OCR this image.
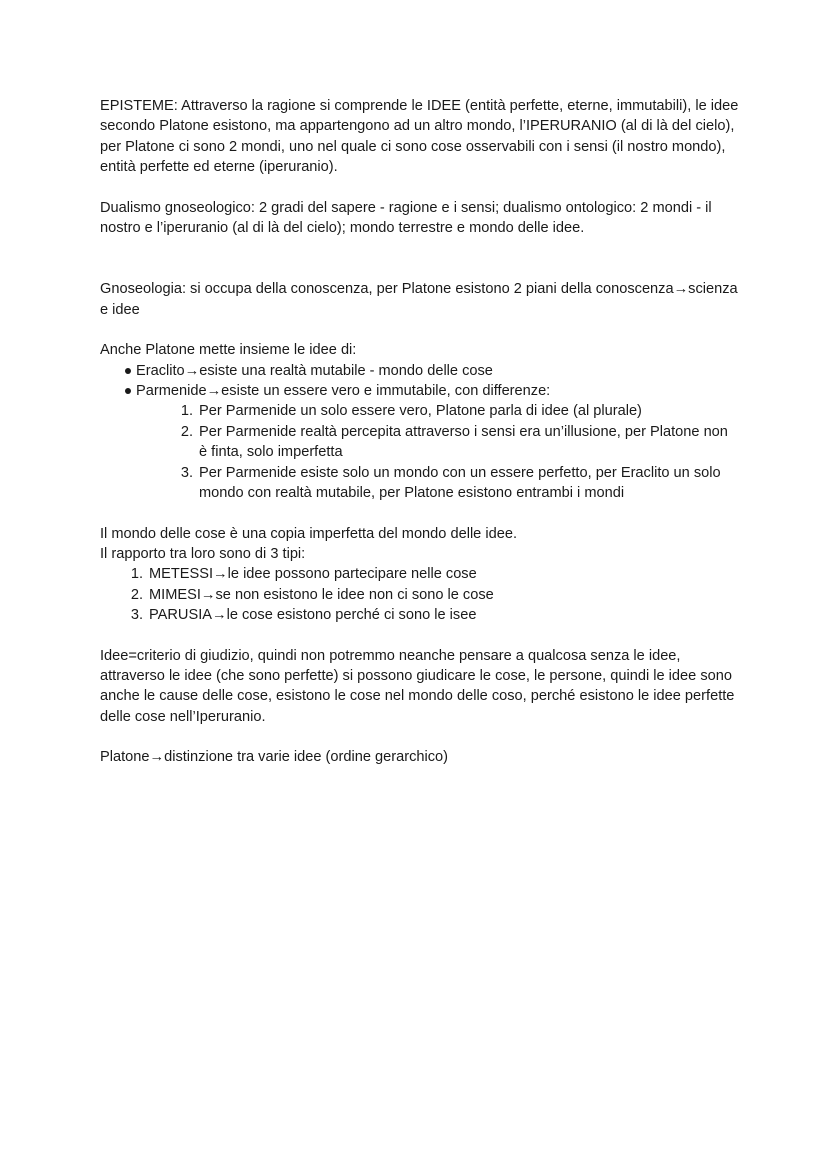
EPISTEME: Attraverso la ragione si comprende le IDEE (entità perfette, eterne, immutabili), le idee secondo Platone esistono, ma appartengono ad un altro mondo, l’IPERURANIO (al di là del cielo), per Platone ci sono 2 mondi, uno nel quale ci sono cose osservabili con i sensi (il nostro mondo), entità perfette ed eterne (iperuranio).

Dualismo gnoseologico: 2 gradi del sapere - ragione e i sensi; dualismo ontologico: 2 mondi - il nostro e l’iperuranio (al di là del cielo); mondo terrestre e mondo delle idee.

Gnoseologia: si occupa della conoscenza, per Platone esistono 2 piani della conoscenza→scienza e idee

Anche Platone mette insieme le idee di:

Eraclito→esiste una realtà mutabile - mondo delle cose
Parmenide→esiste un essere vero e immutabile, con differenze:
1. Per Parmenide un solo essere vero, Platone parla di idee (al plurale)
2. Per Parmenide realtà percepita attraverso i sensi era un’illusione, per Platone non è finta, solo imperfetta
3. Per Parmenide esiste solo un mondo con un essere perfetto, per Eraclito un solo mondo con realtà mutabile, per Platone esistono entrambi i mondi

Il mondo delle cose è una copia imperfetta del mondo delle idee.

Il rapporto tra loro sono di 3 tipi:

1. METESSI→le idee possono partecipare nelle cose
2. MIMESI→se non esistono le idee non ci sono le cose
3. PARUSIA→le cose esistono perché ci sono le isee

Idee=criterio di giudizio, quindi non potremmo neanche pensare a qualcosa senza le idee, attraverso le idee (che sono perfette) si possono giudicare le cose, le persone, quindi le idee sono anche le cause delle cose, esistono le cose nel mondo delle coso, perché esistono le idee perfette delle cose nell’Iperuranio.

Platone→distinzione tra varie idee (ordine gerarchico)
